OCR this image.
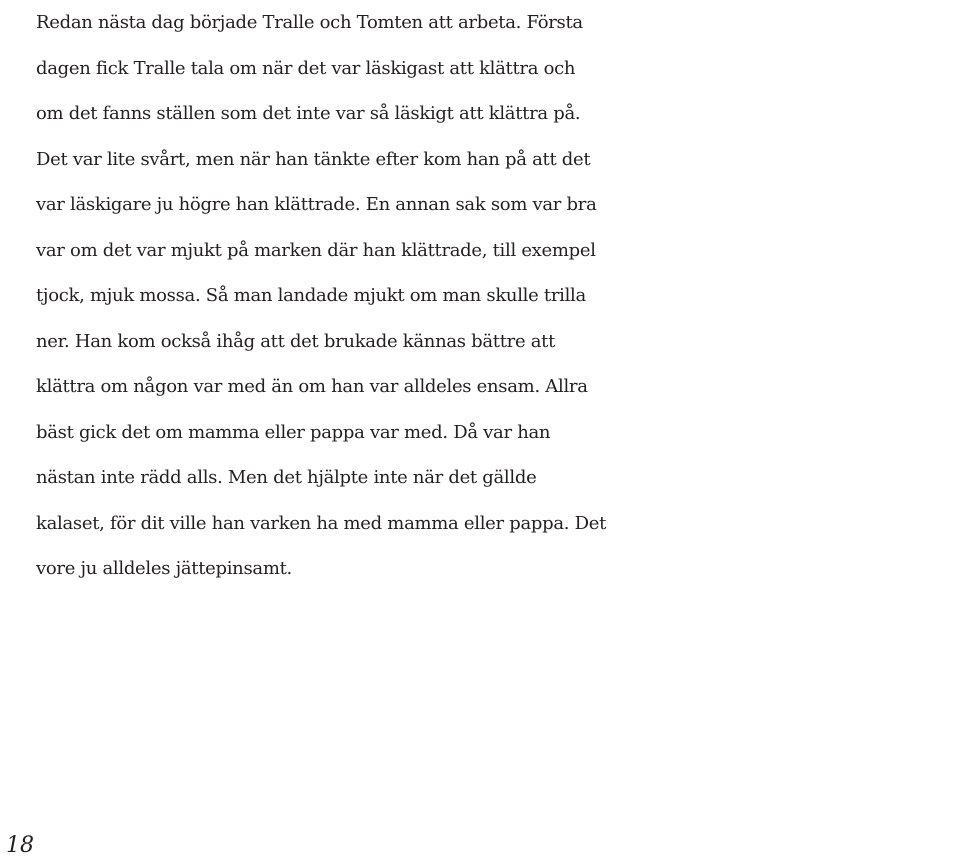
Redan nästa dag började Tralle och Tomten att arbeta. Första
dagen fick Tralle tala om när det var läskigast att klättra och
om det fanns ställen som det inte var så läskigt att klättra på.
Det var lite svårt, men när han tänkte efter kom han på att det
var läskigare ju högre han klättrade. En annan sak som var bra
var om det var mjukt på marken där han klättrade, till exempel
tjock, mjuk mossa. Så man landade mjukt om man skulle trilla
ner. Han kom också ihåg att det brukade kännas bättre att
klättra om någon var med än om han var alldeles ensam. Allra
bäst gick det om mamma eller pappa var med. Då var han
nästan inte rädd alls. Men det hjälpte inte när det gällde
kalaset, för dit ville han varken ha med mamma eller pappa. Det
vore ju alldeles jättepinsamt.
18
